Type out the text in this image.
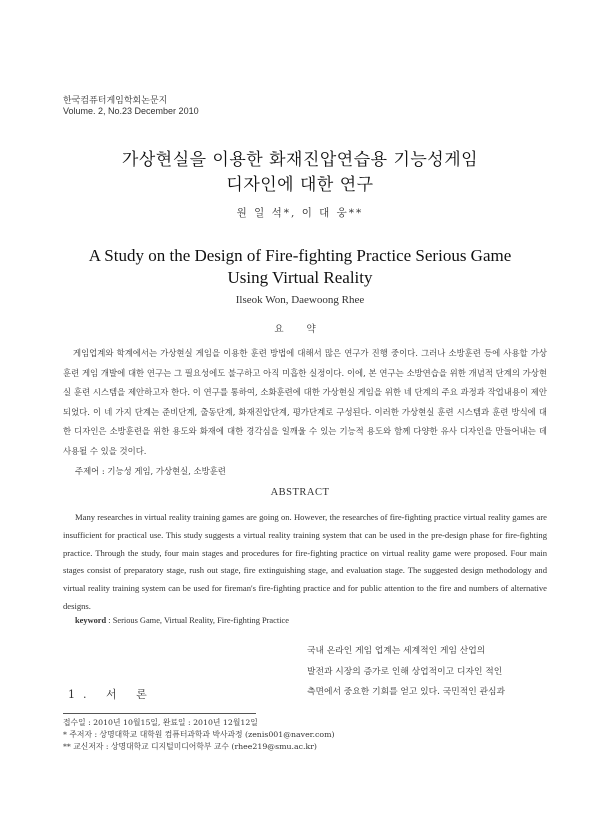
한국컴퓨터게임학회논문지
Volume. 2, No.23 December 2010
가상현실을 이용한 화재진압연습용 기능성게임
디자인에 대한 연구
원 일 석*, 이 대 웅**
A Study on the Design of Fire-fighting Practice Serious Game
Using Virtual Reality
Ilseok Won, Daewoong Rhee
요 약

게임업계와 학계에서는 가상현실 게임을 이용한 훈련 방법에 대해서 많은 연구가 진행 중이다. 그러나 소방훈련 등에 사용할 가상훈련 게임 개발에 대한 연구는 그 필요성에도 불구하고 아직 미흡한 실정이다. 이에, 본 연구는 소방연습을 위한 개념적 단계의 가상현실 훈련 시스템을 제안하고자 한다. 이 연구를 통하여, 소화훈련에 대한 가상현실 게임을 위한 네 단계의 주요 과정과 작업내용이 제안되었다. 이 네 가지 단계는 준비단계, 출동단계, 화재진압단계, 평가단계로 구성된다. 이러한 가상현실 훈련 시스템과 훈련 방식에 대한 디자인은 소방훈련을 위한 용도와 화재에 대한 경각심을 일깨울 수 있는 기능적 용도와 함께 다양한 유사 디자인을 만들어내는 데 사용될 수 있을 것이다.

주제어 : 기능성 게임, 가상현실, 소방훈련
ABSTRACT

Many researches in virtual reality training games are going on. However, the researches of fire-fighting practice virtual reality games are insufficient for practical use. This study suggests a virtual reality training system that can be used in the pre-design phase for fire-fighting practice. Through the study, four main stages and procedures for fire-fighting practice on virtual reality game were proposed. Four main stages consist of preparatory stage, rush out stage, fire extinguishing stage, and evaluation stage. The suggested design methodology and virtual reality training system can be used for fireman's fire-fighting practice and for public attention to the fire and numbers of alternative designs.

keyword : Serious Game, Virtual Reality, Fire-fighting Practice
국내 온라인 게임 업계는 세계적인 게임 산업의
발전과 시장의 증가로 인해 상업적이고 디자인 적인
측면에서 중요한 기회를 얻고 있다. 국민적인 관심과
1. 서 론
접수일 : 2010년 10월15일, 완료일 : 2010년 12월12일
* 주저자 : 상명대학교 대학원 컴퓨터과학과 박사과정 (zenis001@naver.com)
** 교신저자 : 상명대학교 디지털미디어학부 교수 (rhee219@smu.ac.kr)
